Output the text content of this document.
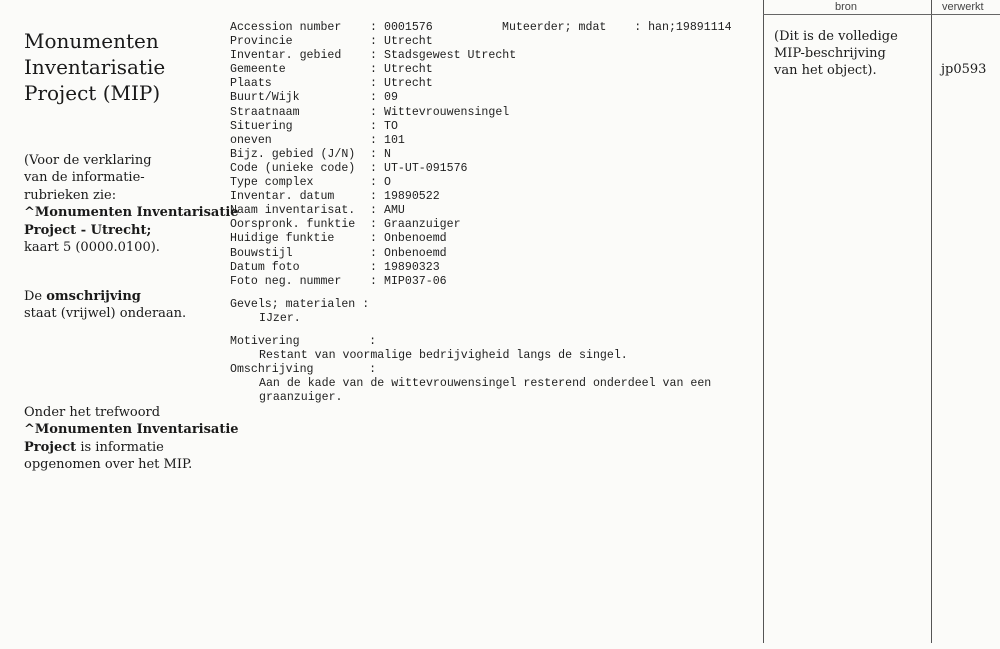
Monumenten
Inventarisatie
Project (MIP)
(Voor de verklaring
van de informatie-
rubrieken zie:
^Monumenten Inventarisatie
Project - Utrecht;
kaart 5 (0000.0100).
De omschrijving
staat (vrijwel) onderaan.
Onder het trefwoord
^Monumenten Inventarisatie
Project is informatie
opgenomen over het MIP.
Accession number	: 0001576	Muteerder; mdat    : han;19891114
Provincie	: Utrecht
Inventar. gebied	: Stadsgewest Utrecht
Gemeente	: Utrecht
Plaats	: Utrecht
Buurt/Wijk	: 09
Straatnaam	: Wittevrouwensingel
Situering	: TO
oneven	: 101
Bijz. gebied (J/N)	: N
Code (unieke code)	: UT-UT-091576
Type complex	: O
Inventar. datum	: 19890522
Naam inventarisat.	: AMU
Oorspronk. funktie	: Graanzuiger
Huidige funktie	: Onbenoemd
Bouwstijl	: Onbenoemd
Datum foto	: 19890323
Foto neg. nummer	: MIP037-06
Gevels; materialen :
IJzer.
Motivering          :
Restant van voormalige bedrijvigheid langs de singel.
Omschrijving        :
Aan de kade van de wittevrouwensingel resterend onderdeel van een
graanzuiger.
bron	verwerkt
(Dit is de volledige
MIP-beschrijving
van het object).	jp0593
